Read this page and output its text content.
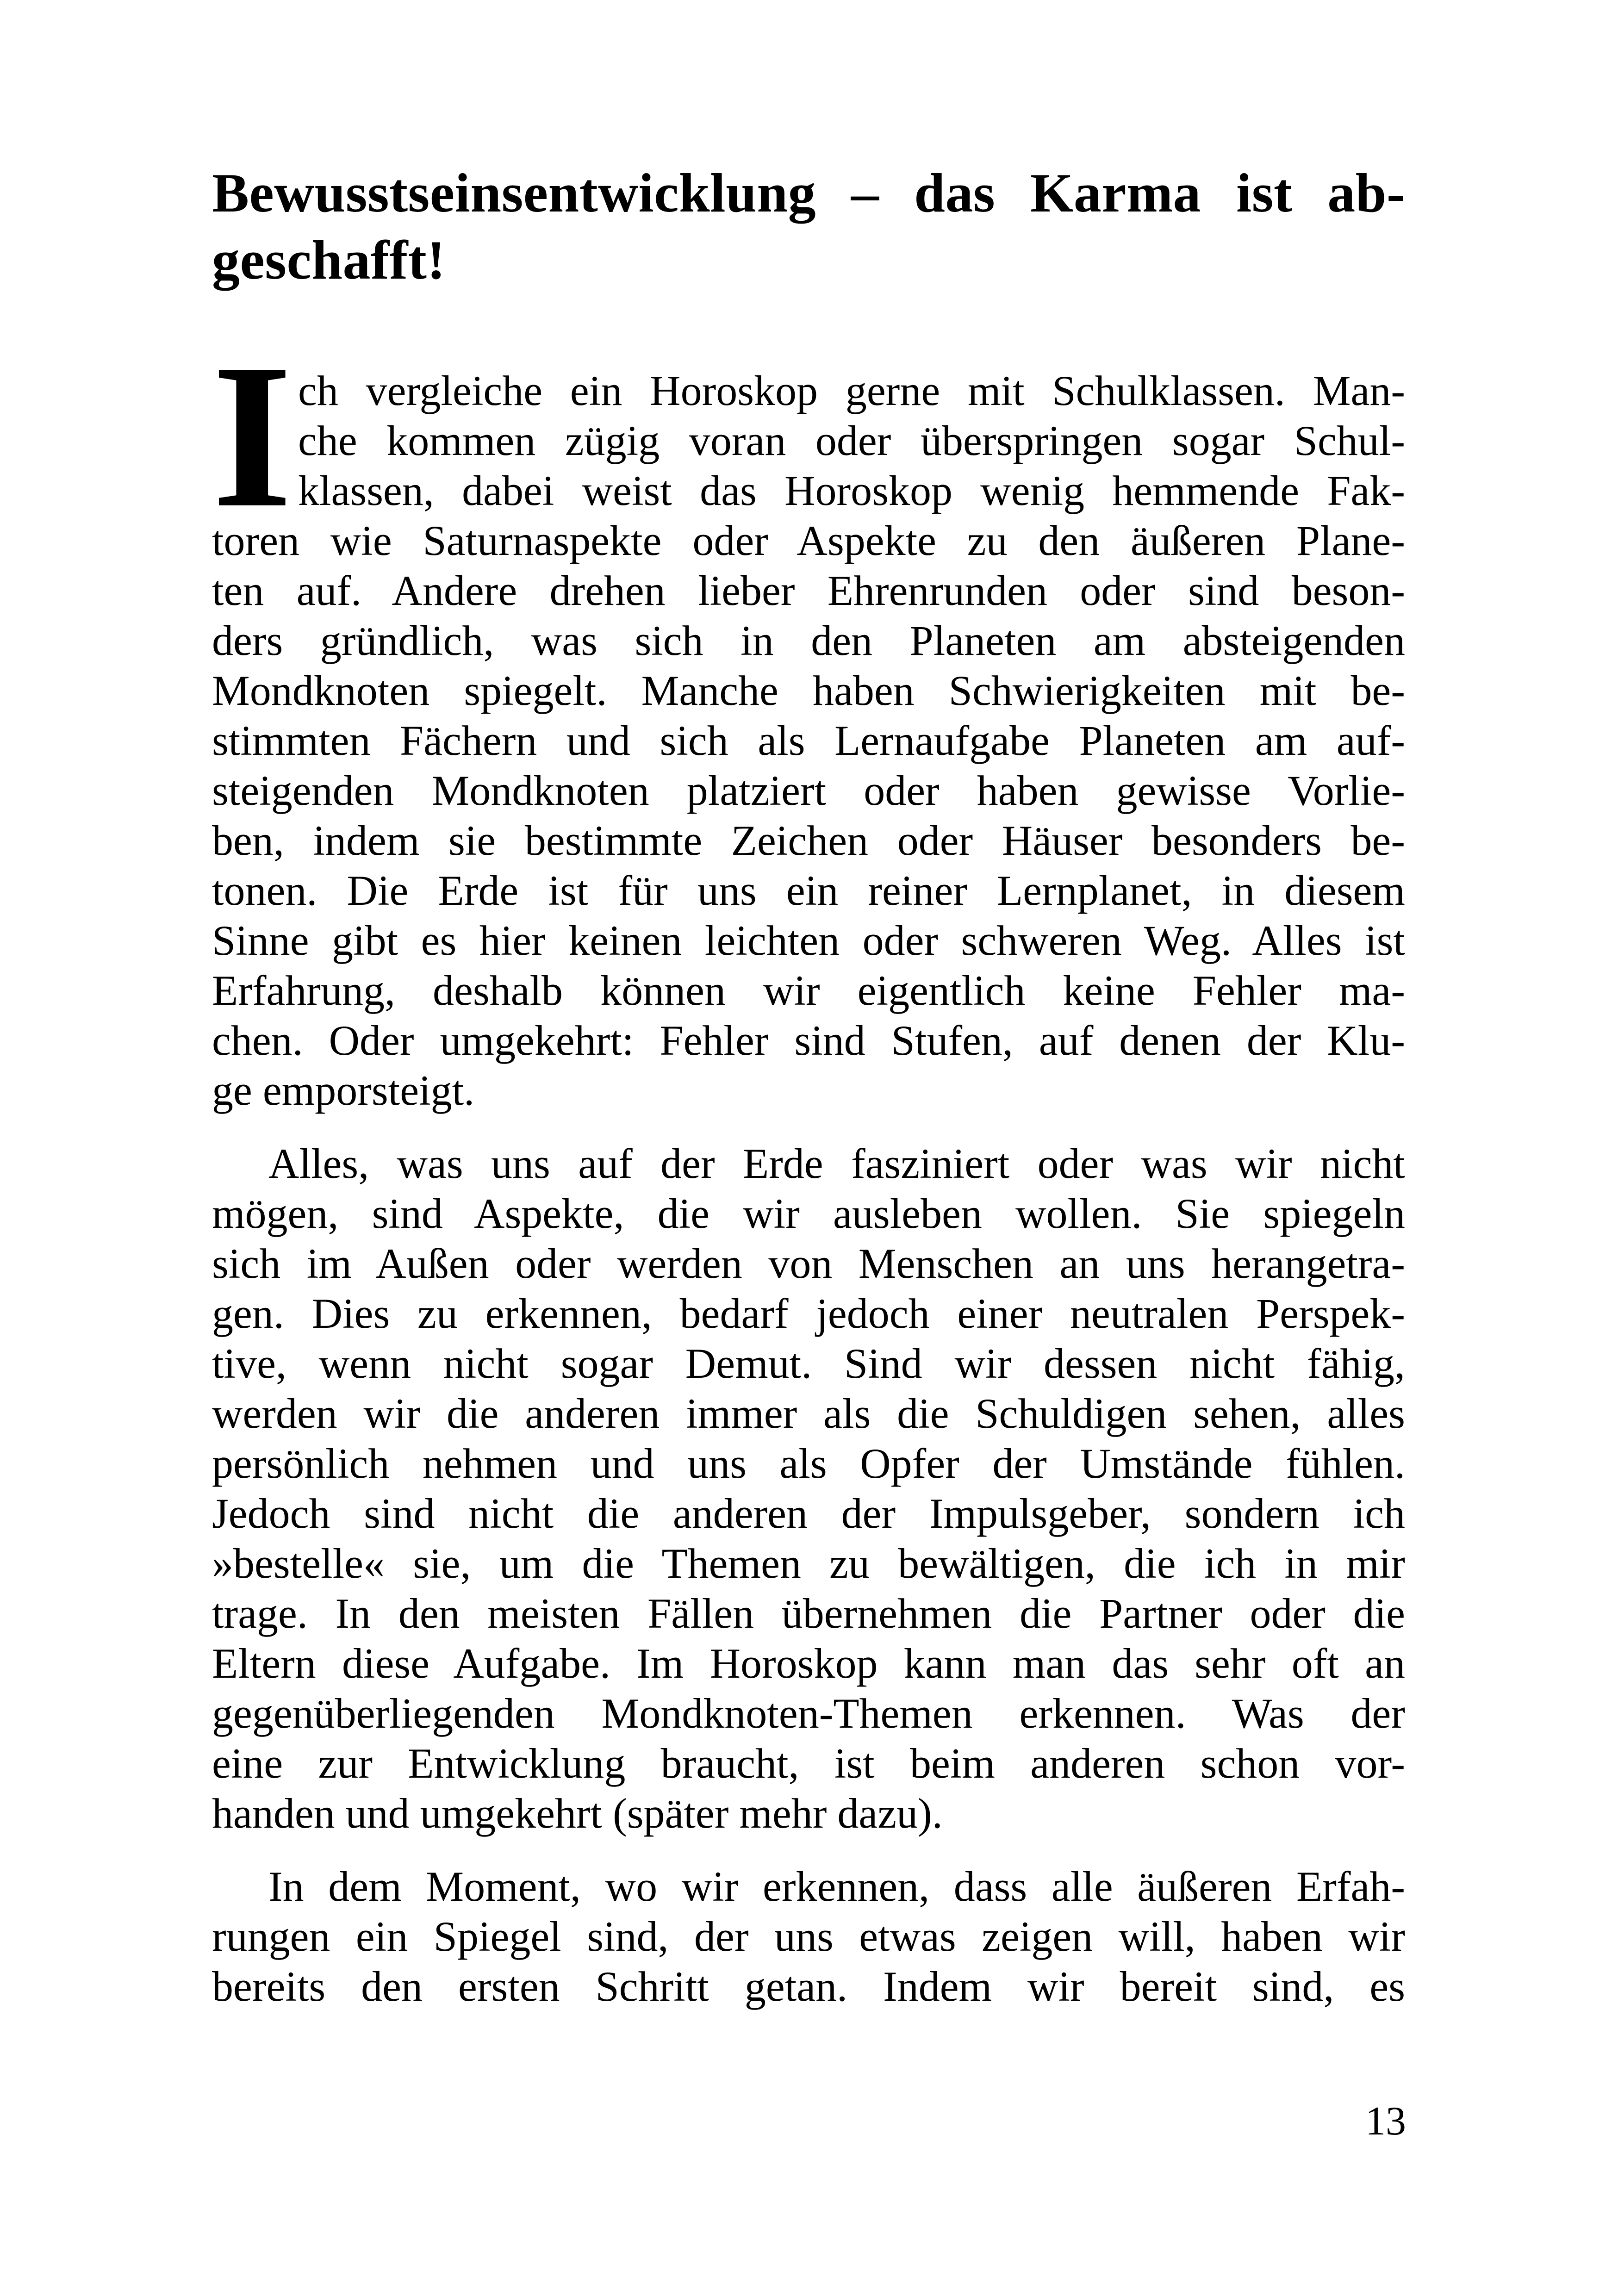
Bewusstseinsentwicklung – das Karma ist abgeschafft!
ch vergleiche ein Horoskop gerne mit Schulklassen. Man-
che kommen zügig voran oder überspringen sogar Schul-
klassen, dabei weist das Horoskop wenig hemmende Fak-
toren wie Saturnaspekte oder Aspekte zu den äußeren Plane-
ten auf. Andere drehen lieber Ehrenrunden oder sind beson-
ders gründlich, was sich in den Planeten am absteigenden
Mondknoten spiegelt. Manche haben Schwierigkeiten mit be-
stimmten Fächern und sich als Lernaufgabe Planeten am auf-
steigenden Mondknoten platziert oder haben gewisse Vorlie-
ben, indem sie bestimmte Zeichen oder Häuser besonders be-
tonen. Die Erde ist für uns ein reiner Lernplanet, in diesem
Sinne gibt es hier keinen leichten oder schweren Weg. Alles ist
Erfahrung, deshalb können wir eigentlich keine Fehler ma-
chen. Oder umgekehrt: Fehler sind Stufen, auf denen der Klu-
ge emporsteigt.
Alles, was uns auf der Erde fasziniert oder was wir nicht
mögen, sind Aspekte, die wir ausleben wollen. Sie spiegeln
sich im Außen oder werden von Menschen an uns herangetra-
gen. Dies zu erkennen, bedarf jedoch einer neutralen Perspek-
tive, wenn nicht sogar Demut. Sind wir dessen nicht fähig,
werden wir die anderen immer als die Schuldigen sehen, alles
persönlich nehmen und uns als Opfer der Umstände fühlen.
Jedoch sind nicht die anderen der Impulsgeber, sondern ich
»bestelle« sie, um die Themen zu bewältigen, die ich in mir
trage. In den meisten Fällen übernehmen die Partner oder die
Eltern diese Aufgabe. Im Horoskop kann man das sehr oft an
gegenüberliegenden Mondknoten-Themen erkennen. Was der
eine zur Entwicklung braucht, ist beim anderen schon vor-
handen und umgekehrt (später mehr dazu).
In dem Moment, wo wir erkennen, dass alle äußeren Erfah-
rungen ein Spiegel sind, der uns etwas zeigen will, haben wir
bereits den ersten Schritt getan. Indem wir bereit sind, es
I
13
